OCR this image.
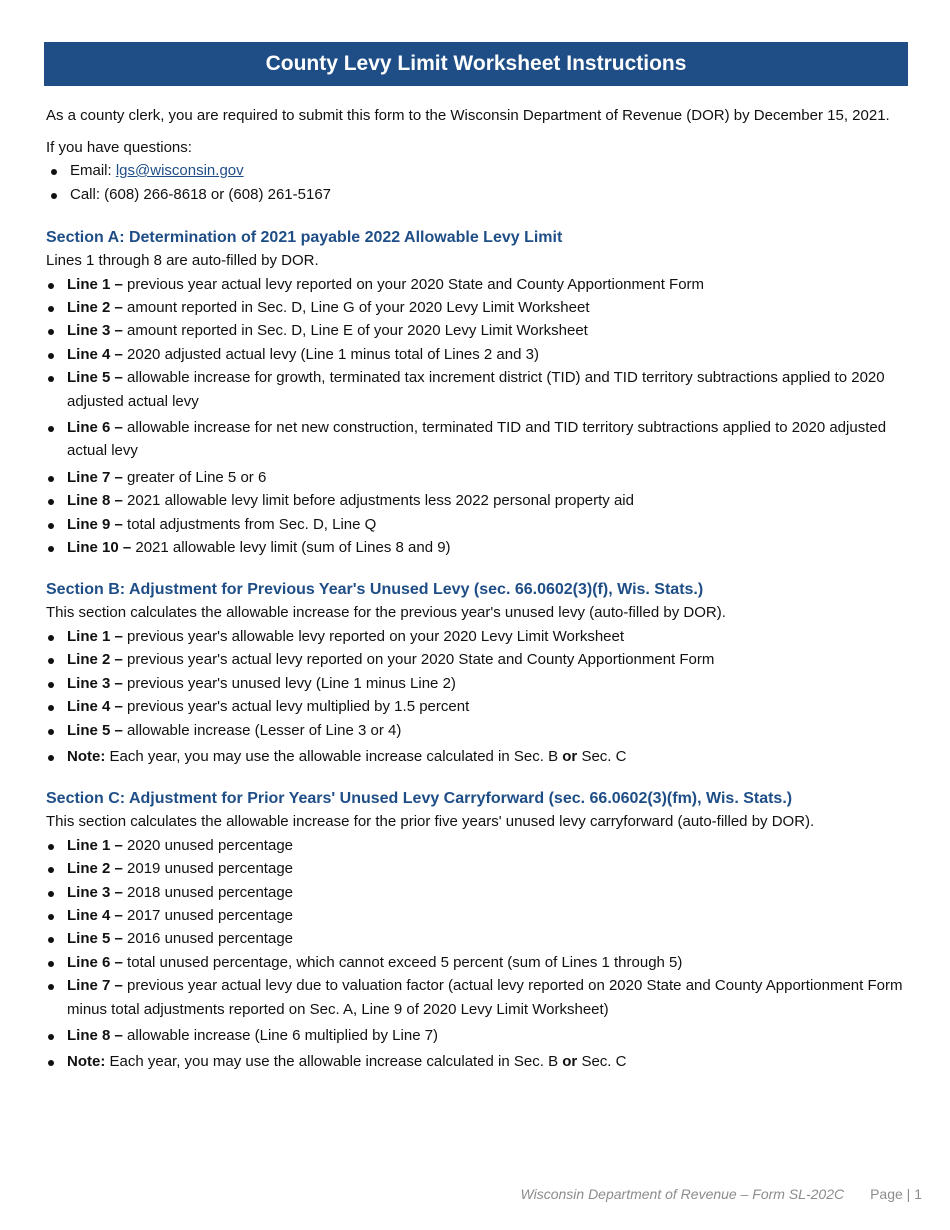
County Levy Limit Worksheet Instructions

As a county clerk, you are required to submit this form to the Wisconsin Department of Revenue (DOR) by December 15, 2021.

If you have questions:

Email: lgs@wisconsin.gov
Call: (608) 266-8618 or (608) 261-5167
Section A: Determination of 2021 payable 2022 Allowable Levy Limit

Lines 1 through 8 are auto-filled by DOR.

Line 1 – previous year actual levy reported on your 2020 State and County Apportionment Form
Line 2 – amount reported in Sec. D, Line G of your 2020 Levy Limit Worksheet
Line 3 – amount reported in Sec. D, Line E of your 2020 Levy Limit Worksheet
Line 4 – 2020 adjusted actual levy (Line 1 minus total of Lines 2 and 3)
Line 5 – allowable increase for growth, terminated tax increment district (TID) and TID territory subtractions applied to 2020 adjusted actual levy
Line 6 – allowable increase for net new construction, terminated TID and TID territory subtractions applied to 2020 adjusted actual levy
Line 7 – greater of Line 5 or 6
Line 8 – 2021 allowable levy limit before adjustments less 2022 personal property aid
Line 9 – total adjustments from Sec. D, Line Q
Line 10 – 2021 allowable levy limit (sum of Lines 8 and 9)
Section B: Adjustment for Previous Year's Unused Levy (sec. 66.0602(3)(f), Wis. Stats.)

This section calculates the allowable increase for the previous year's unused levy (auto-filled by DOR).

Line 1 – previous year's allowable levy reported on your 2020 Levy Limit Worksheet
Line 2 – previous year's actual levy reported on your 2020 State and County Apportionment Form
Line 3 – previous year's unused levy (Line 1 minus Line 2)
Line 4 – previous year's actual levy multiplied by 1.5 percent
Line 5 – allowable increase (Lesser of Line 3 or 4)
Note: Each year, you may use the allowable increase calculated in Sec. B or Sec. C
Section C: Adjustment for Prior Years' Unused Levy Carryforward (sec. 66.0602(3)(fm), Wis. Stats.)

This section calculates the allowable increase for the prior five years' unused levy carryforward (auto-filled by DOR).

Line 1 – 2020 unused percentage
Line 2 – 2019 unused percentage
Line 3 – 2018 unused percentage
Line 4 – 2017 unused percentage
Line 5 – 2016 unused percentage
Line 6 – total unused percentage, which cannot exceed 5 percent (sum of Lines 1 through 5)
Line 7 – previous year actual levy due to valuation factor (actual levy reported on 2020 State and County Apportionment Form minus total adjustments reported on Sec. A, Line 9 of 2020 Levy Limit Worksheet)
Line 8 – allowable increase (Line 6 multiplied by Line 7)
Note: Each year, you may use the allowable increase calculated in Sec. B or Sec. C
Wisconsin Department of Revenue – Form SL-202C Page | 1
